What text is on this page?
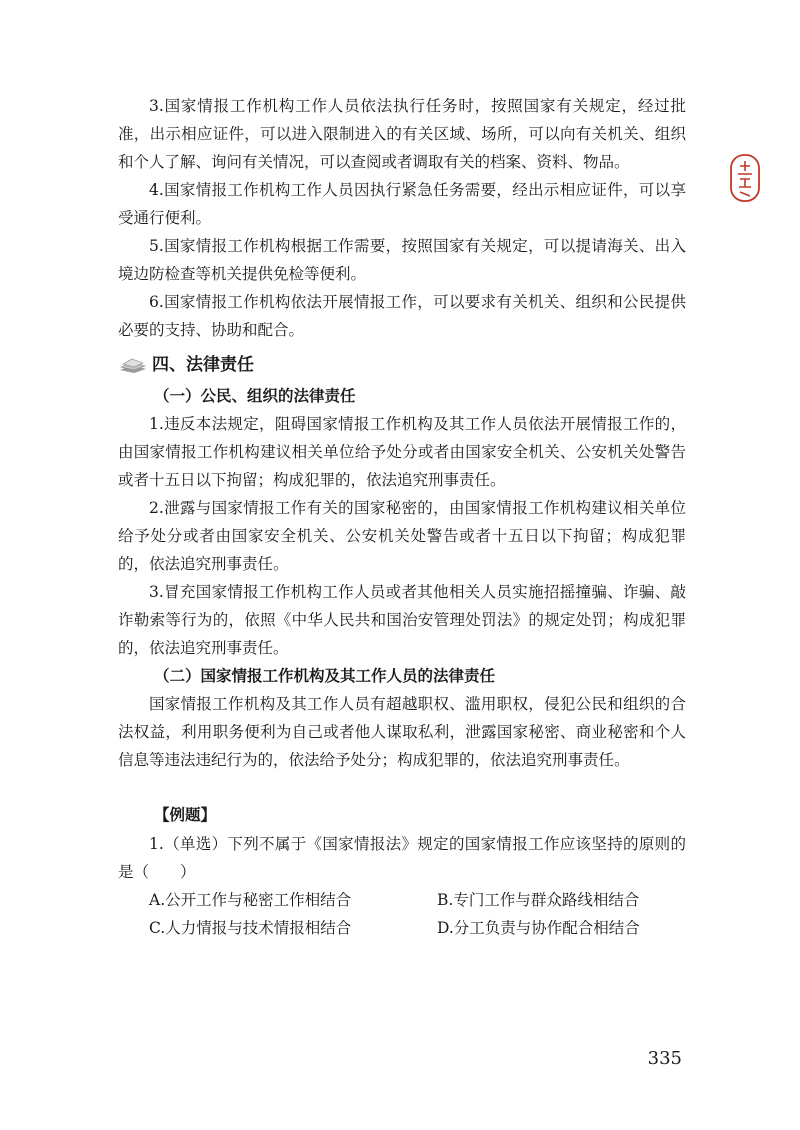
3.国家情报工作机构工作人员依法执行任务时，按照国家有关规定，经过批准，出示相应证件，可以进入限制进入的有关区域、场所，可以向有关机关、组织和个人了解、询问有关情况，可以查阅或者调取有关的档案、资料、物品。

4.国家情报工作机构工作人员因执行紧急任务需要，经出示相应证件，可以享受通行便利。

5.国家情报工作机构根据工作需要，按照国家有关规定，可以提请海关、出入境边防检查等机关提供免检等便利。

6.国家情报工作机构依法开展情报工作，可以要求有关机关、组织和公民提供必要的支持、协助和配合。

四、法律责任
（一）公民、组织的法律责任

1.违反本法规定，阻碍国家情报工作机构及其工作人员依法开展情报工作的，由国家情报工作机构建议相关单位给予处分或者由国家安全机关、公安机关处警告或者十五日以下拘留；构成犯罪的，依法追究刑事责任。

2.泄露与国家情报工作有关的国家秘密的，由国家情报工作机构建议相关单位给予处分或者由国家安全机关、公安机关处警告或者十五日以下拘留；构成犯罪的，依法追究刑事责任。

3.冒充国家情报工作机构工作人员或者其他相关人员实施招摇撞骗、诈骗、敲诈勒索等行为的，依照《中华人民共和国治安管理处罚法》的规定处罚；构成犯罪的，依法追究刑事责任。

（二）国家情报工作机构及其工作人员的法律责任

国家情报工作机构及其工作人员有超越职权、滥用职权，侵犯公民和组织的合法权益，利用职务便利为自己或者他人谋取私利，泄露国家秘密、商业秘密和个人信息等违法违纪行为的，依法给予处分；构成犯罪的，依法追究刑事责任。

【例题】

1.（单选）下列不属于《国家情报法》规定的国家情报工作应该坚持的原则的是（　　）

A.公开工作与秘密工作相结合	B.专门工作与群众路线相结合
C.人力情报与技术情报相结合	D.分工负责与协作配合相结合
335
